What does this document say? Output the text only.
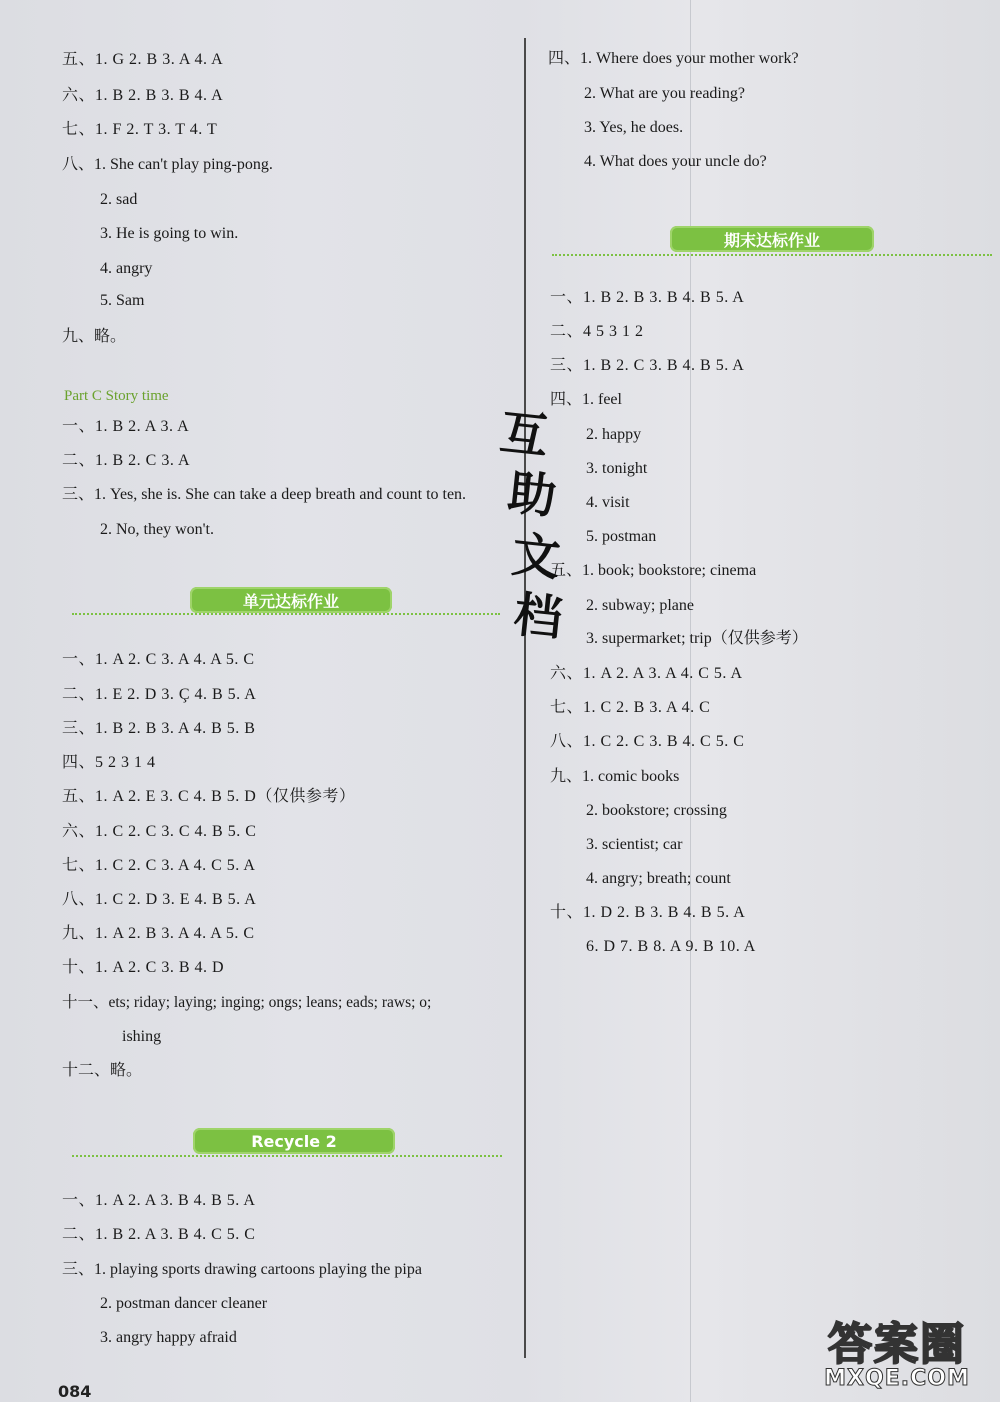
五、1. G 2. B 3. A 4. A
六、1. B 2. B 3. B 4. A
七、1. F 2. T 3. T 4. T
八、1. She can't play ping-pong.
2. sad
3. He is going to win.
4. angry
5. Sam
九、略。
Part C Story time
一、1. B 2. A 3. A
二、1. B 2. C 3. A
三、1. Yes, she is. She can take a deep breath and count to ten.
2. No, they won't.
单元达标作业
一、1. A 2. C 3. A 4. A 5. C
二、1. E 2. D 3. Ç 4. B 5. A
三、1. B 2. B 3. A 4. B 5. B
四、5 2 3 1 4
五、1. A 2. E 3. C 4. B 5. D（仅供参考）
六、1. C 2. C 3. C 4. B 5. C
七、1. C 2. C 3. A 4. C 5. A
八、1. C 2. D 3. E 4. B 5. A
九、1. A 2. B 3. A 4. A 5. C
十、1. A 2. C 3. B 4. D
十一、ets; riday; laying; inging; ongs; leans; eads; raws; o;
ishing
十二、略。
Recycle 2
一、1. A 2. A 3. B 4. B 5. A
二、1. B 2. A 3. B 4. C 5. C
三、1. playing sports drawing cartoons playing the pipa
2. postman dancer cleaner
3. angry happy afraid
084
四、1. Where does your mother work?
2. What are you reading?
3. Yes, he does.
4. What does your uncle do?
期末达标作业
一、1. B 2. B 3. B 4. B 5. A
二、4 5 3 1 2
三、1. B 2. C 3. B 4. B 5. A
四、1. feel
2. happy
3. tonight
4. visit
5. postman
五、1. book; bookstore; cinema
2. subway; plane
3. supermarket; trip（仅供参考）
六、1. A 2. A 3. A 4. C 5. A
七、1. C 2. B 3. A 4. C
八、1. C 2. C 3. B 4. C 5. C
九、1. comic books
2. bookstore; crossing
3. scientist; car
4. angry; breath; count
十、1. D 2. B 3. B 4. B 5. A
6. D 7. B 8. A 9. B 10. A
互
助
文
档
答案圈
MXQE.COM
